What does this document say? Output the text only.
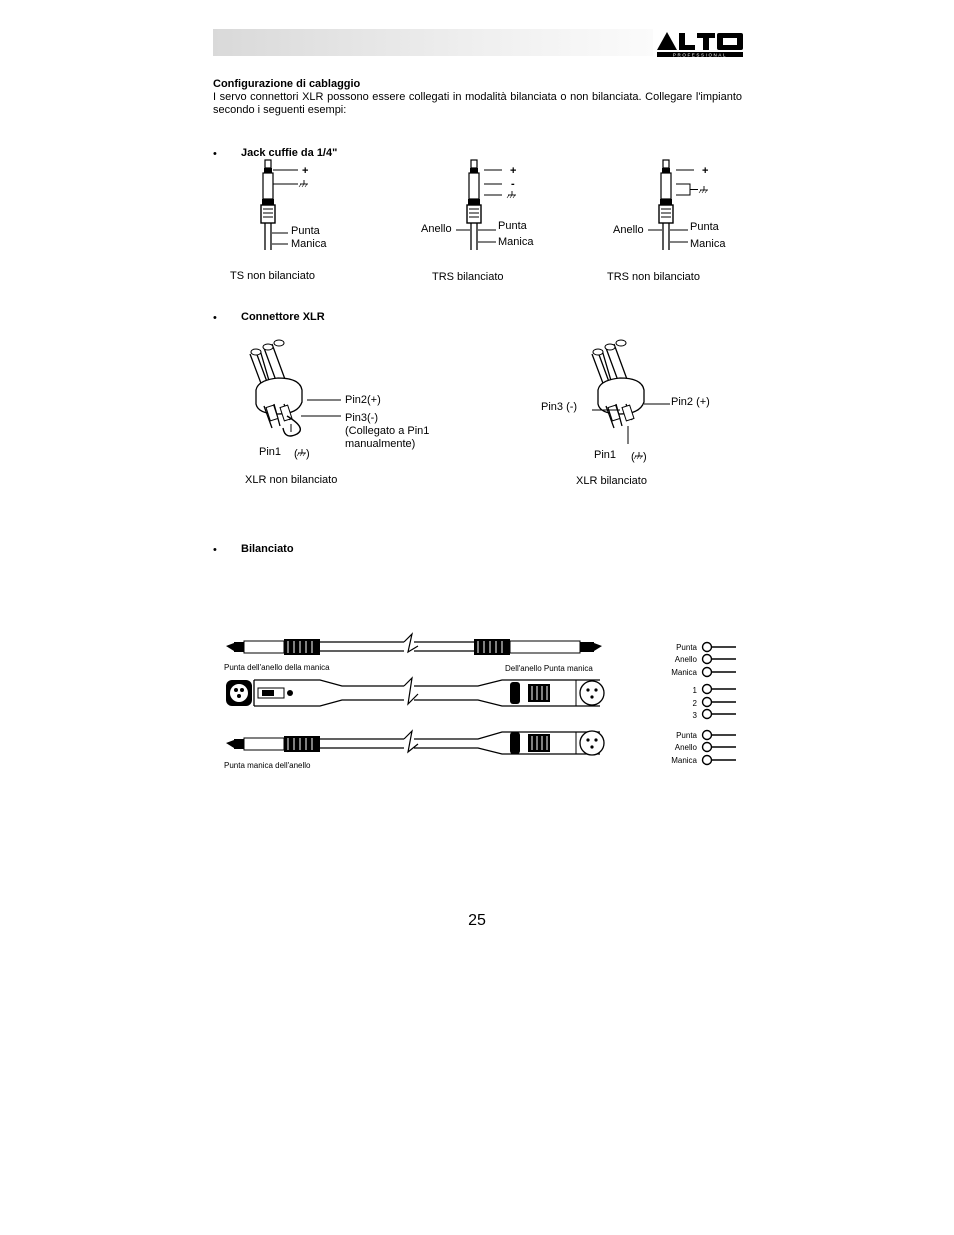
PROFESSIONAL
Configurazione di cablaggio
I servo connettori XLR possono essere collegati in modalità bilanciata o non bilanciata. Collegare l'impianto secondo i seguenti esempi:
• Jack cuffie da 1/4"
+
Punta
Manica
TS non bilanciato
+
-
Anello	Punta
Manica
TRS bilanciato
+
Anello	Punta
Manica
TRS non bilanciato
• Connettore XLR
Pin2(+)
Pin3(-)
(Collegato a Pin1
manualmente)
Pin1 ( )
XLR non bilanciato
Pin3 (-)	Pin2 (+)
Pin1 ( )
XLR bilanciato
• Bilanciato
Punta dell'anello della manica	Dell'anello Punta manica
Punta manica dell'anello
Punta
Anello
Manica
1
2
3
Punta
Anello
Manica
25
